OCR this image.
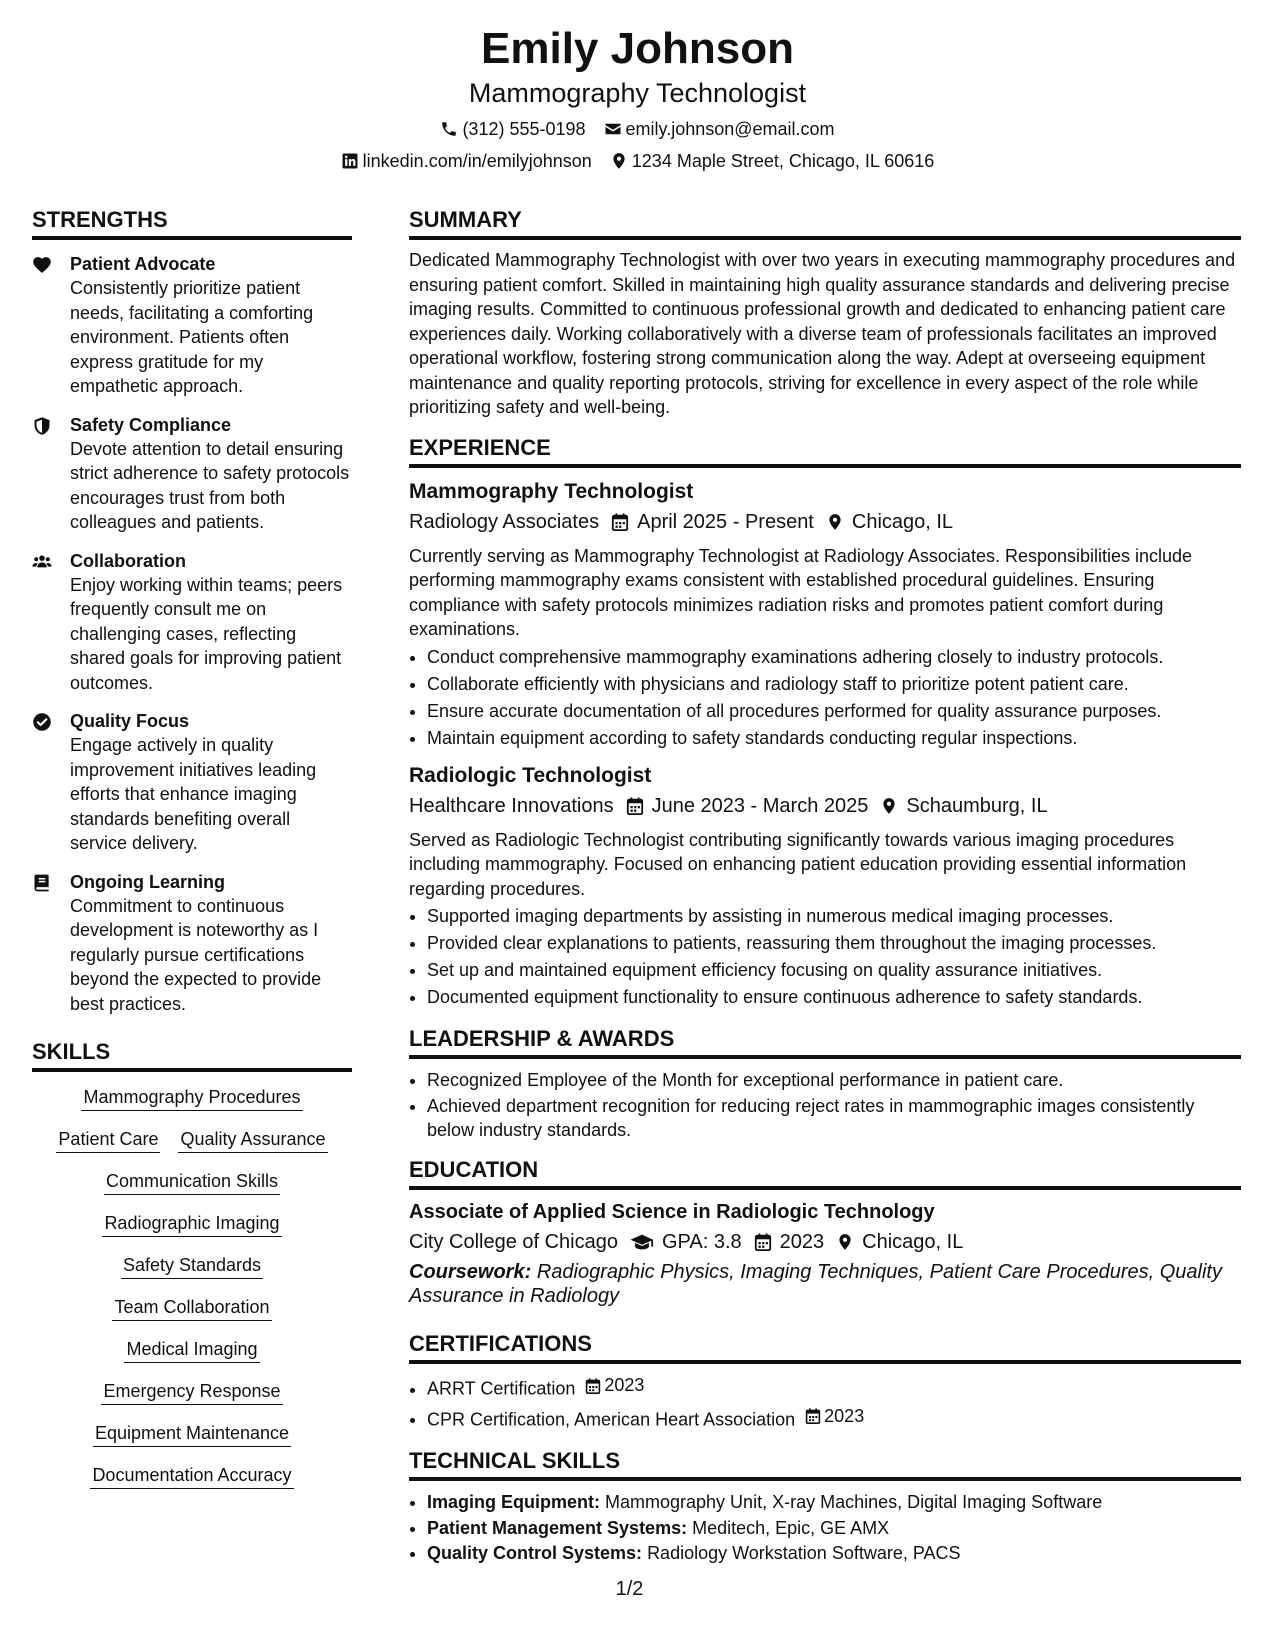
Emily Johnson
Mammography Technologist
(312) 555-0198 emily.johnson@email.com
linkedin.com/in/emilyjohnson 1234 Maple Street, Chicago, IL 60616
STRENGTHS
Patient Advocate
Consistently prioritize patient needs, facilitating a comforting environment. Patients often express gratitude for my empathetic approach.
Safety Compliance
Devote attention to detail ensuring strict adherence to safety protocols encourages trust from both colleagues and patients.
Collaboration
Enjoy working within teams; peers frequently consult me on challenging cases, reflecting shared goals for improving patient outcomes.
Quality Focus
Engage actively in quality improvement initiatives leading efforts that enhance imaging standards benefiting overall service delivery.
Ongoing Learning
Commitment to continuous development is noteworthy as I regularly pursue certifications beyond the expected to provide best practices.
SKILLS
Mammography Procedures
Patient Care Quality Assurance
Communication Skills
Radiographic Imaging
Safety Standards
Team Collaboration
Medical Imaging
Emergency Response
Equipment Maintenance
Documentation Accuracy
SUMMARY
Dedicated Mammography Technologist with over two years in executing mammography procedures and ensuring patient comfort. Skilled in maintaining high quality assurance standards and delivering precise imaging results. Committed to continuous professional growth and dedicated to enhancing patient care experiences daily. Working collaboratively with a diverse team of professionals facilitates an improved operational workflow, fostering strong communication along the way. Adept at overseeing equipment maintenance and quality reporting protocols, striving for excellence in every aspect of the role while prioritizing safety and well-being.
EXPERIENCE
Mammography Technologist
Radiology Associates April 2025 - Present Chicago, IL
Currently serving as Mammography Technologist at Radiology Associates. Responsibilities include performing mammography exams consistent with established procedural guidelines. Ensuring compliance with safety protocols minimizes radiation risks and promotes patient comfort during examinations.
• Conduct comprehensive mammography examinations adhering closely to industry protocols.
• Collaborate efficiently with physicians and radiology staff to prioritize potent patient care.
• Ensure accurate documentation of all procedures performed for quality assurance purposes.
• Maintain equipment according to safety standards conducting regular inspections.
Radiologic Technologist
Healthcare Innovations June 2023 - March 2025 Schaumburg, IL
Served as Radiologic Technologist contributing significantly towards various imaging procedures including mammography. Focused on enhancing patient education providing essential information regarding procedures.
• Supported imaging departments by assisting in numerous medical imaging processes.
• Provided clear explanations to patients, reassuring them throughout the imaging processes.
• Set up and maintained equipment efficiency focusing on quality assurance initiatives.
• Documented equipment functionality to ensure continuous adherence to safety standards.
LEADERSHIP & AWARDS
• Recognized Employee of the Month for exceptional performance in patient care.
• Achieved department recognition for reducing reject rates in mammographic images consistently below industry standards.
EDUCATION
Associate of Applied Science in Radiologic Technology
City College of Chicago GPA: 3.8 2023 Chicago, IL
Coursework: Radiographic Physics, Imaging Techniques, Patient Care Procedures, Quality Assurance in Radiology
CERTIFICATIONS
• ARRT Certification 2023
• CPR Certification, American Heart Association 2023
TECHNICAL SKILLS
• Imaging Equipment: Mammography Unit, X-ray Machines, Digital Imaging Software
• Patient Management Systems: Meditech, Epic, GE AMX
• Quality Control Systems: Radiology Workstation Software, PACS
1/2
